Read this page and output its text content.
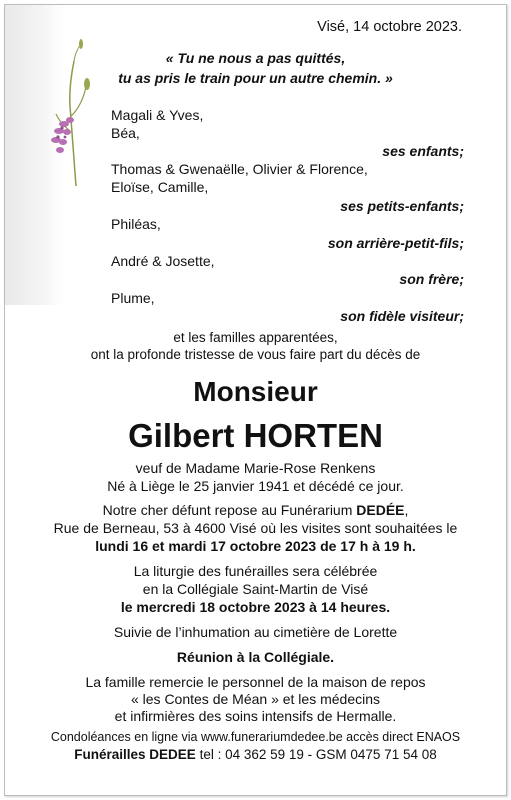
Visé, 14 octobre 2023.
« Tu ne nous a pas quittés,
tu as pris le train pour un autre chemin. »
Magali & Yves,
Béa,
ses enfants;
Thomas & Gwenaëlle, Olivier & Florence,
Eloïse, Camille,
ses petits-enfants;
Philéas,
son arrière-petit-fils;
André & Josette,
son frère;
Plume,
son fidèle visiteur;
et les familles apparentées,
ont la profonde tristesse de vous faire part du décès de
Monsieur
Gilbert HORTEN
veuf de Madame Marie-Rose Renkens
Né à Liège le 25 janvier 1941 et décédé ce jour.
Notre cher défunt repose au Funérarium DEDÉE,
Rue de Berneau, 53 à 4600 Visé où les visites sont souhaitées le
lundi 16 et mardi 17 octobre 2023 de 17 h à 19 h.
La liturgie des funérailles sera célébrée
en la Collégiale Saint-Martin de Visé
le mercredi 18 octobre 2023 à 14 heures.
Suivie de l’inhumation au cimetière de Lorette
Réunion à la Collégiale.
La famille remercie le personnel de la maison de repos
« les Contes de Méan » et les médecins
et infirmières des soins intensifs de Hermalle.
Condoléances en ligne via www.funerariumdedee.be accès direct ENAOS
Funérailles DEDEE tel : 04 362 59 19 - GSM 0475 71 54 08
